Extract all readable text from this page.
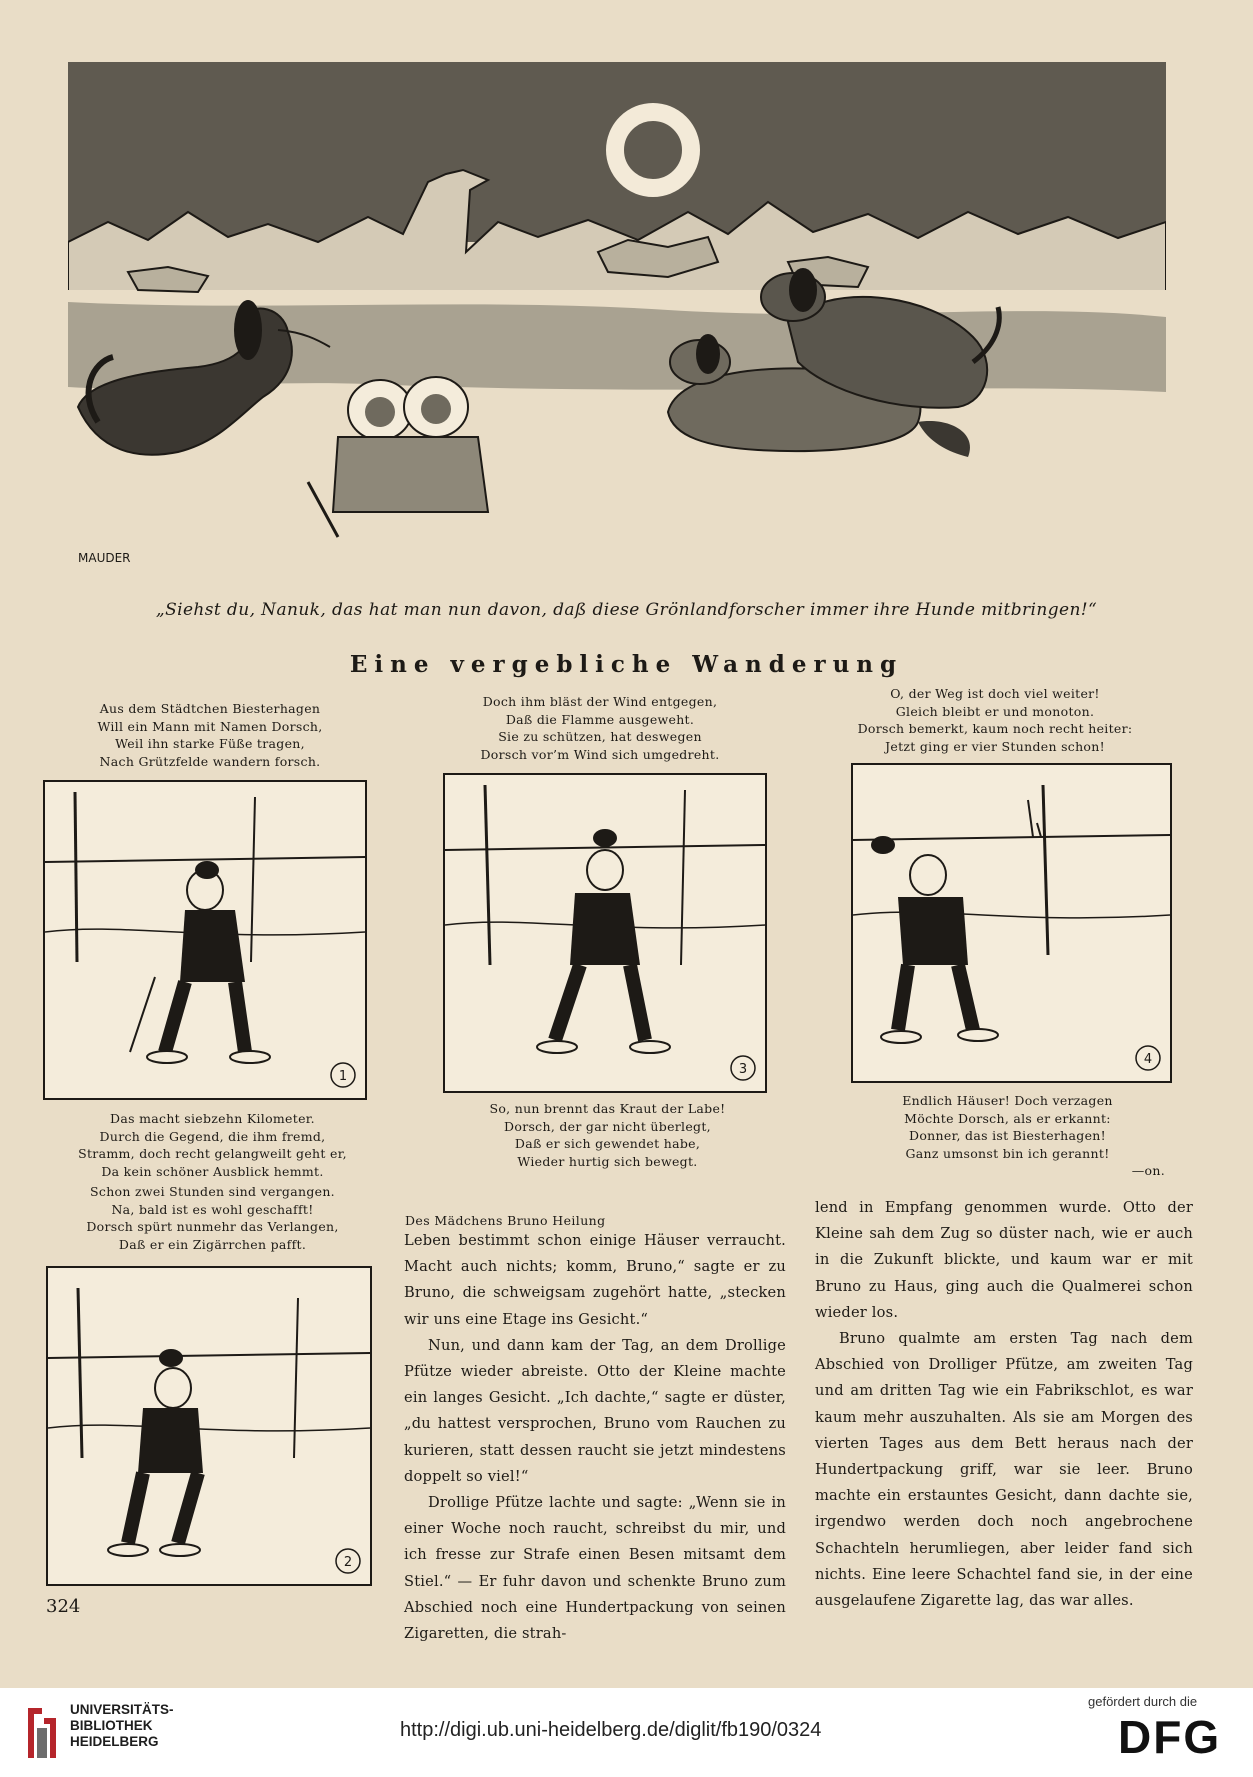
MAUDER
„Siehst du, Nanuk, das hat man nun davon, daß diese Grönlandforscher immer ihre Hunde mitbringen!“
Eine vergebliche Wanderung
Aus dem Städtchen Biesterhagen
Will ein Mann mit Namen Dorsch,
Weil ihn starke Füße tragen,
Nach Grützfelde wandern forsch.
Doch ihm bläst der Wind entgegen,
Daß die Flamme ausgeweht.
Sie zu schützen, hat deswegen
Dorsch vor’m Wind sich umgedreht.
O, der Weg ist doch viel weiter!
Gleich bleibt er und monoton.
Dorsch bemerkt, kaum noch recht heiter:
Jetzt ging er vier Stunden schon!
1	3
4
2
Das macht siebzehn Kilometer.
Durch die Gegend, die ihm fremd,
Stramm, doch recht gelangweilt geht er,
Da kein schöner Ausblick hemmt.
Schon zwei Stunden sind vergangen.
Na, bald ist es wohl geschafft!
Dorsch spürt nunmehr das Verlangen,
Daß er ein Zigärrchen pafft.
So, nun brennt das Kraut der Labe!
Dorsch, der gar nicht überlegt,
Daß er sich gewendet habe,
Wieder hurtig sich bewegt.
Endlich Häuser! Doch verzagen
Möchte Dorsch, als er erkannt:
Donner, das ist Biesterhagen!
Ganz umsonst bin ich gerannt!
—on.
Des Mädchens Bruno Heilung

Leben bestimmt schon einige Häuser verraucht. Macht auch nichts; komm, Bruno,“ sagte er zu Bruno, die schweigsam zugehört hatte, „stecken wir uns eine Etage ins Gesicht.“

Nun, und dann kam der Tag, an dem Drollige Pfütze wieder abreiste. Otto der Kleine machte ein langes Gesicht. „Ich dachte,“ sagte er düster, „du hattest versprochen, Bruno vom Rauchen zu kurieren, statt dessen raucht sie jetzt mindestens doppelt so viel!“

Drollige Pfütze lachte und sagte: „Wenn sie in einer Woche noch raucht, schreibst du mir, und ich fresse zur Strafe einen Besen mitsamt dem Stiel.“ — Er fuhr davon und schenkte Bruno zum Abschied noch eine Hundertpackung von seinen Zigaretten, die strah-

lend in Empfang genommen wurde. Otto der Kleine sah dem Zug so düster nach, wie er auch in die Zukunft blickte, und kaum war er mit Bruno zu Haus, ging auch die Qualmerei schon wieder los.

Bruno qualmte am ersten Tag nach dem Abschied von Drolliger Pfütze, am zweiten Tag und am dritten Tag wie ein Fabrikschlot, es war kaum mehr auszuhalten. Als sie am Morgen des vierten Tages aus dem Bett heraus nach der Hundertpackung griff, war sie leer. Bruno machte ein erstauntes Gesicht, dann dachte sie, irgendwo werden doch noch angebrochene Schachteln herumliegen, aber leider fand sich nichts. Eine leere Schachtel fand sie, in der eine ausgelaufene Zigarette lag, das war alles.

324
UNIVERSITÄTS-
BIBLIOTHEK
HEIDELBERG
http://digi.ub.uni-heidelberg.de/diglit/fb190/0324
gefördert durch die
DFG
